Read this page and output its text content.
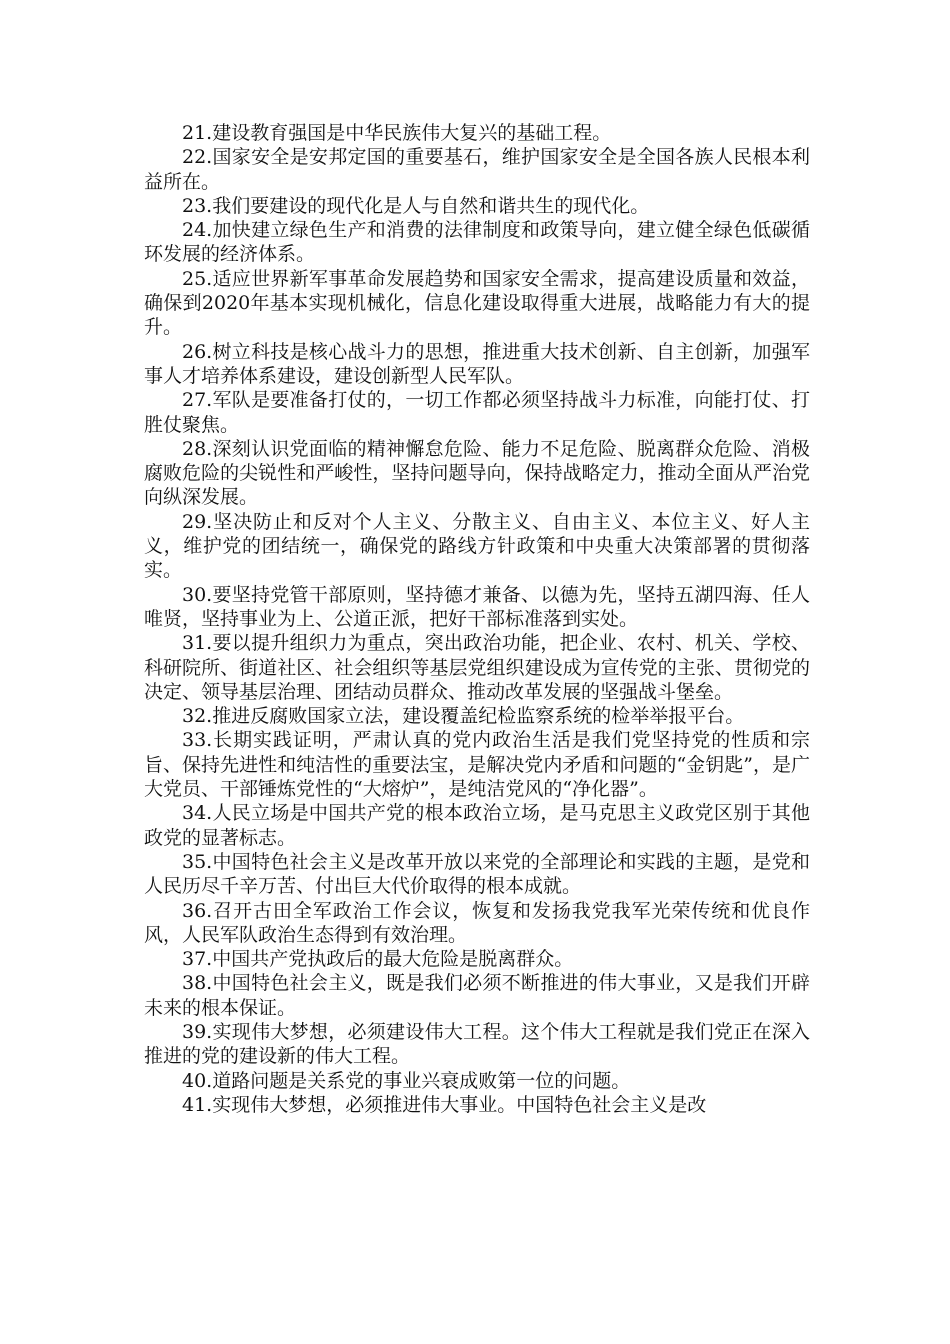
21.建设教育强国是中华民族伟大复兴的基础工程。

22.国家安全是安邦定国的重要基石，维护国家安全是全国各族人民根本利益所在。

23.我们要建设的现代化是人与自然和谐共生的现代化。

24.加快建立绿色生产和消费的法律制度和政策导向，建立健全绿色低碳循环发展的经济体系。

25.适应世界新军事革命发展趋势和国家安全需求，提高建设质量和效益，确保到2020年基本实现机械化，信息化建设取得重大进展，战略能力有大的提升。

26.树立科技是核心战斗力的思想，推进重大技术创新、自主创新，加强军事人才培养体系建设，建设创新型人民军队。

27.军队是要准备打仗的，一切工作都必须坚持战斗力标准，向能打仗、打胜仗聚焦。

28.深刻认识党面临的精神懈怠危险、能力不足危险、脱离群众危险、消极腐败危险的尖锐性和严峻性，坚持问题导向，保持战略定力，推动全面从严治党向纵深发展。

29.坚决防止和反对个人主义、分散主义、自由主义、本位主义、好人主义，维护党的团结统一，确保党的路线方针政策和中央重大决策部署的贯彻落实。

30.要坚持党管干部原则，坚持德才兼备、以德为先，坚持五湖四海、任人唯贤，坚持事业为上、公道正派，把好干部标准落到实处。

31.要以提升组织力为重点，突出政治功能，把企业、农村、机关、学校、科研院所、街道社区、社会组织等基层党组织建设成为宣传党的主张、贯彻党的决定、领导基层治理、团结动员群众、推动改革发展的坚强战斗堡垒。

32.推进反腐败国家立法，建设覆盖纪检监察系统的检举举报平台。

33.长期实践证明，严肃认真的党内政治生活是我们党坚持党的性质和宗旨、保持先进性和纯洁性的重要法宝，是解决党内矛盾和问题的“金钥匙”，是广大党员、干部锤炼党性的“大熔炉”，是纯洁党风的“净化器”。

34.人民立场是中国共产党的根本政治立场，是马克思主义政党区别于其他政党的显著标志。

35.中国特色社会主义是改革开放以来党的全部理论和实践的主题，是党和人民历尽千辛万苦、付出巨大代价取得的根本成就。

36.召开古田全军政治工作会议，恢复和发扬我党我军光荣传统和优良作风，人民军队政治生态得到有效治理。

37.中国共产党执政后的最大危险是脱离群众。

38.中国特色社会主义，既是我们必须不断推进的伟大事业，又是我们开辟未来的根本保证。

39.实现伟大梦想，必须建设伟大工程。这个伟大工程就是我们党正在深入推进的党的建设新的伟大工程。

40.道路问题是关系党的事业兴衰成败第一位的问题。

41.实现伟大梦想，必须推进伟大事业。中国特色社会主义是改
